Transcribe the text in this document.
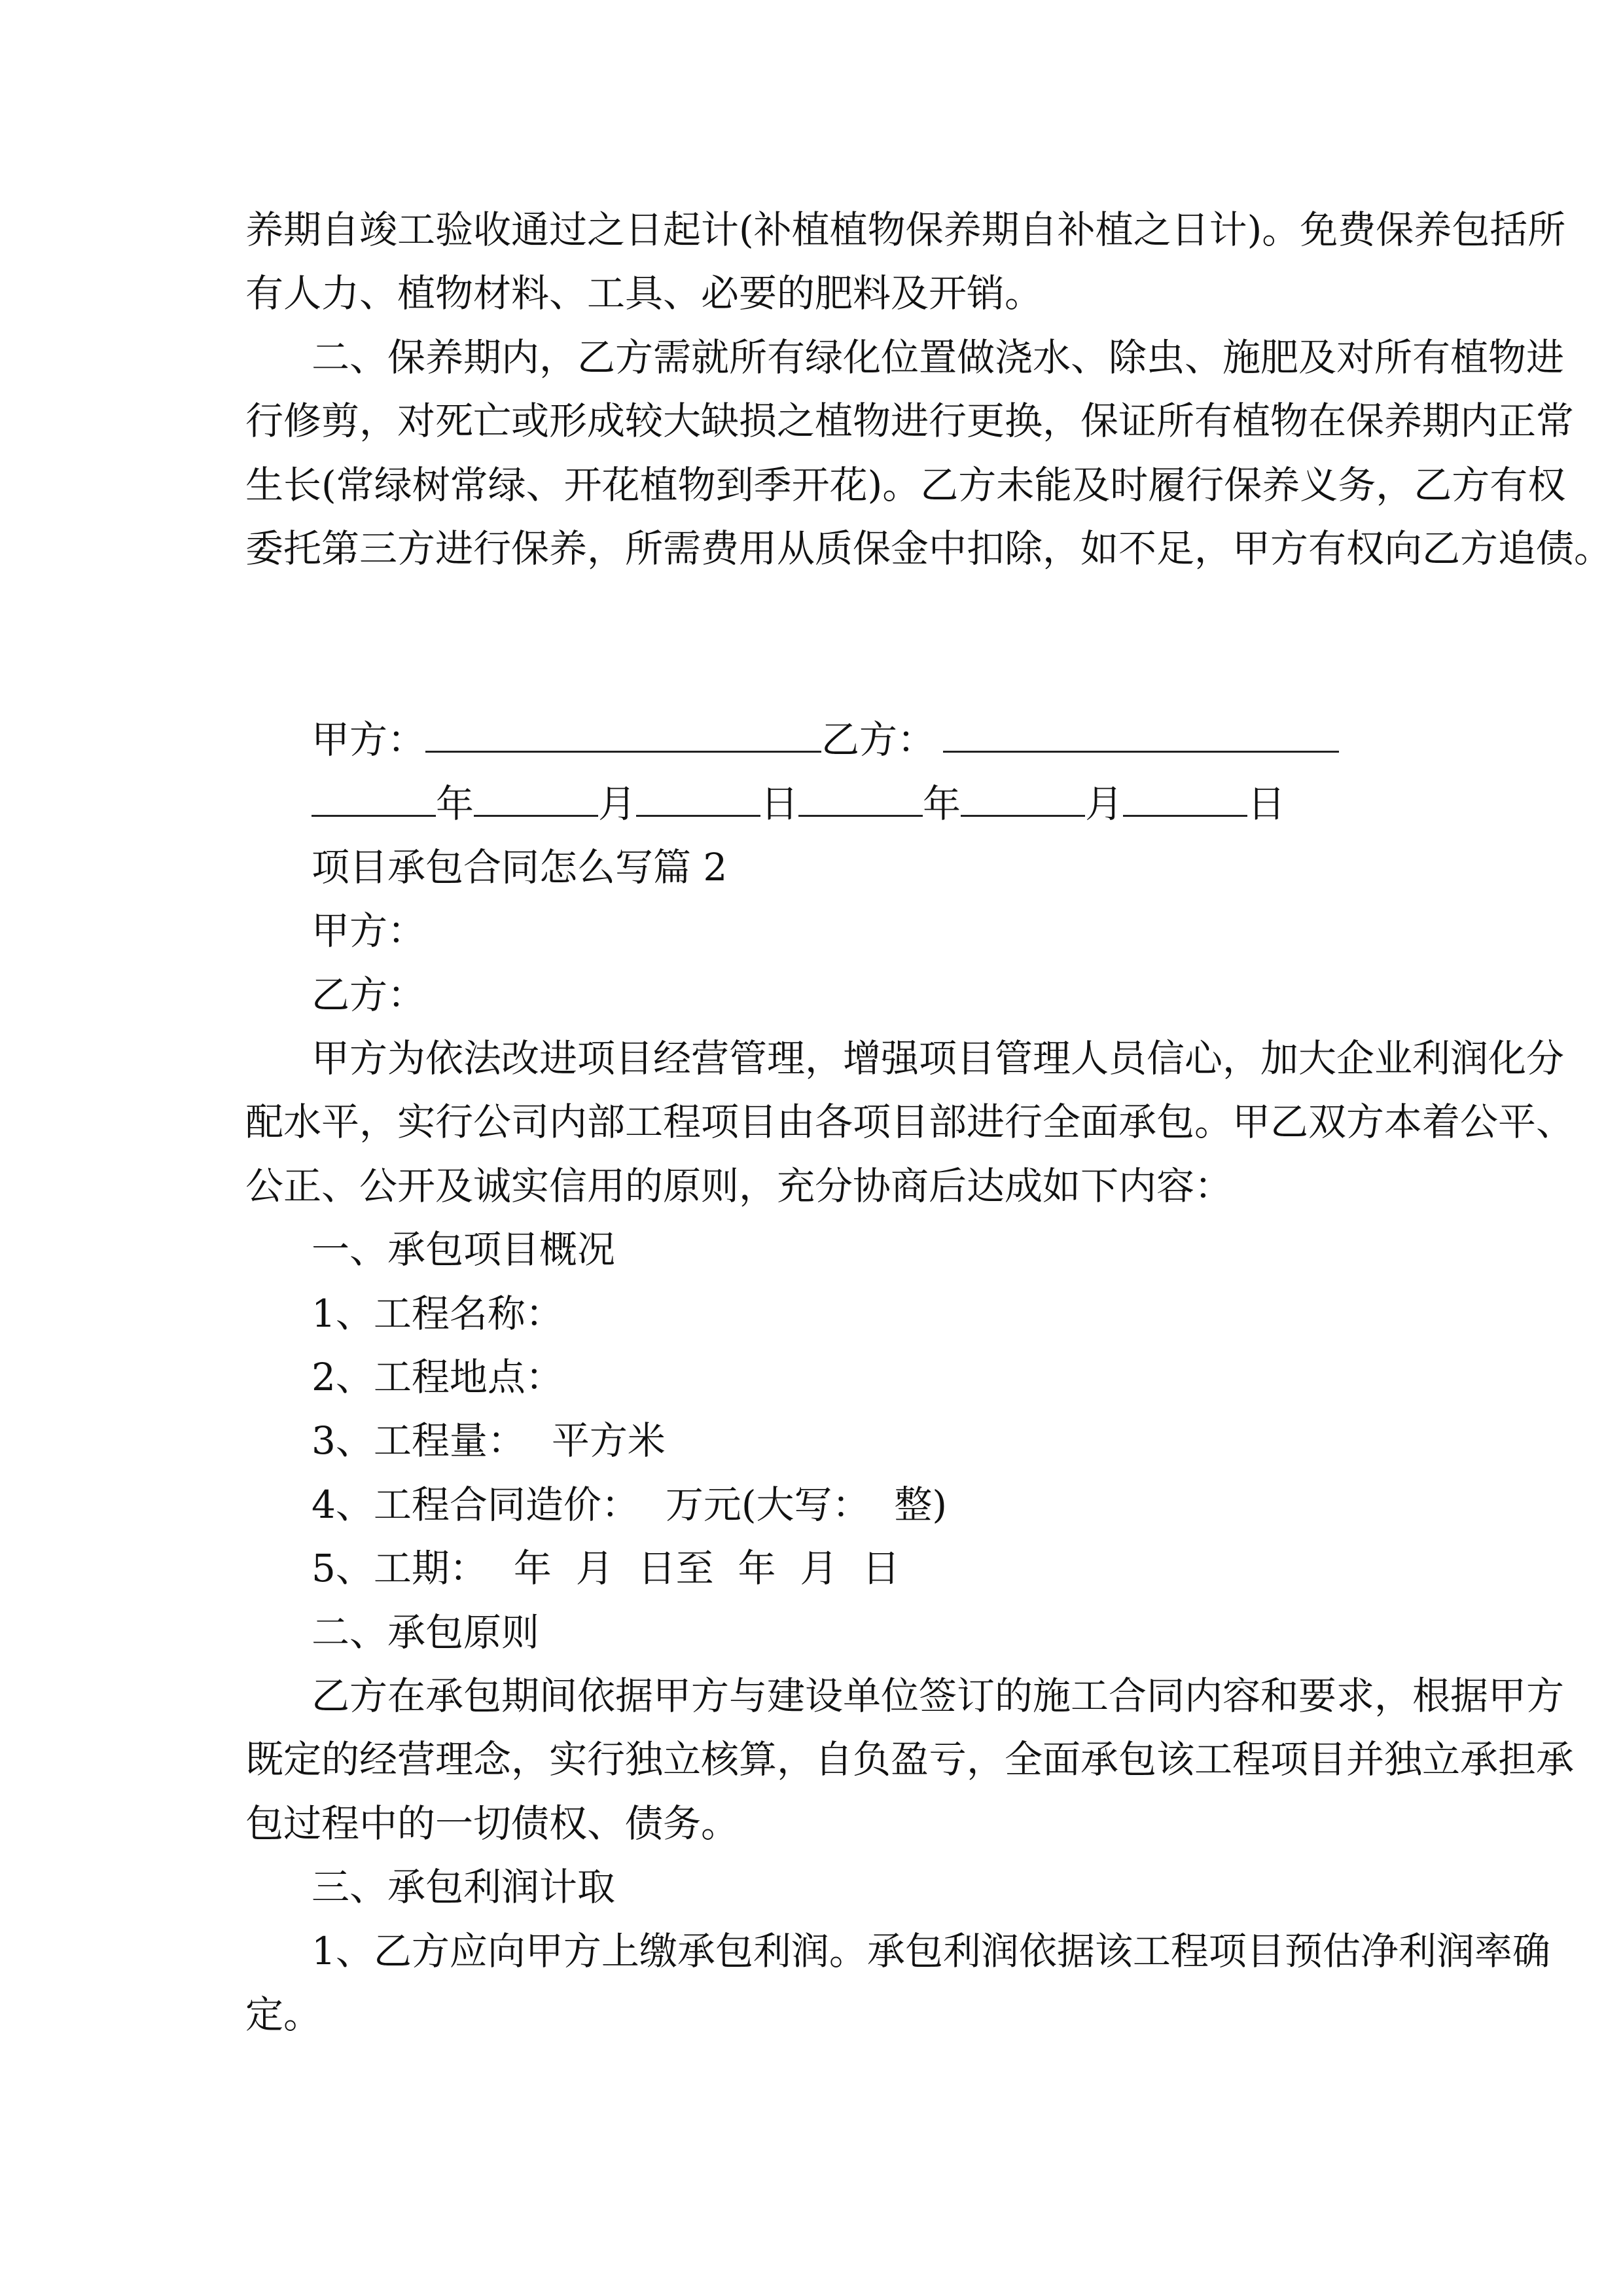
养期自竣工验收通过之日起计(补植植物保养期自补植之日计)。免费保养包括所
有人力、植物材料、工具、必要的肥料及开销。
二、保养期内，乙方需就所有绿化位置做浇水、除虫、施肥及对所有植物进
行修剪，对死亡或形成较大缺损之植物进行更换，保证所有植物在保养期内正常
生长(常绿树常绿、开花植物到季开花)。乙方未能及时履行保养义务，乙方有权
委托第三方进行保养，所需费用从质保金中扣除，如不足，甲方有权向乙方追债。
甲方：	乙方：
年	月	日	年	月	日
项目承包合同怎么写篇 2
甲方：
乙方：
甲方为依法改进项目经营管理，增强项目管理人员信心，加大企业利润化分
配水平，实行公司内部工程项目由各项目部进行全面承包。甲乙双方本着公平、
公正、公开及诚实信用的原则，充分协商后达成如下内容：
一、承包项目概况
1、工程名称：
2、工程地点：
3、工程量： 平方米
4、工程合同造价： 万元(大写：  整)
5、工期： 年  月  日至  年  月  日
二、承包原则
乙方在承包期间依据甲方与建设单位签订的施工合同内容和要求，根据甲方
既定的经营理念，实行独立核算，自负盈亏，全面承包该工程项目并独立承担承
包过程中的一切债权、债务。
三、承包利润计取
1、乙方应向甲方上缴承包利润。承包利润依据该工程项目预估净利润率确
定。
